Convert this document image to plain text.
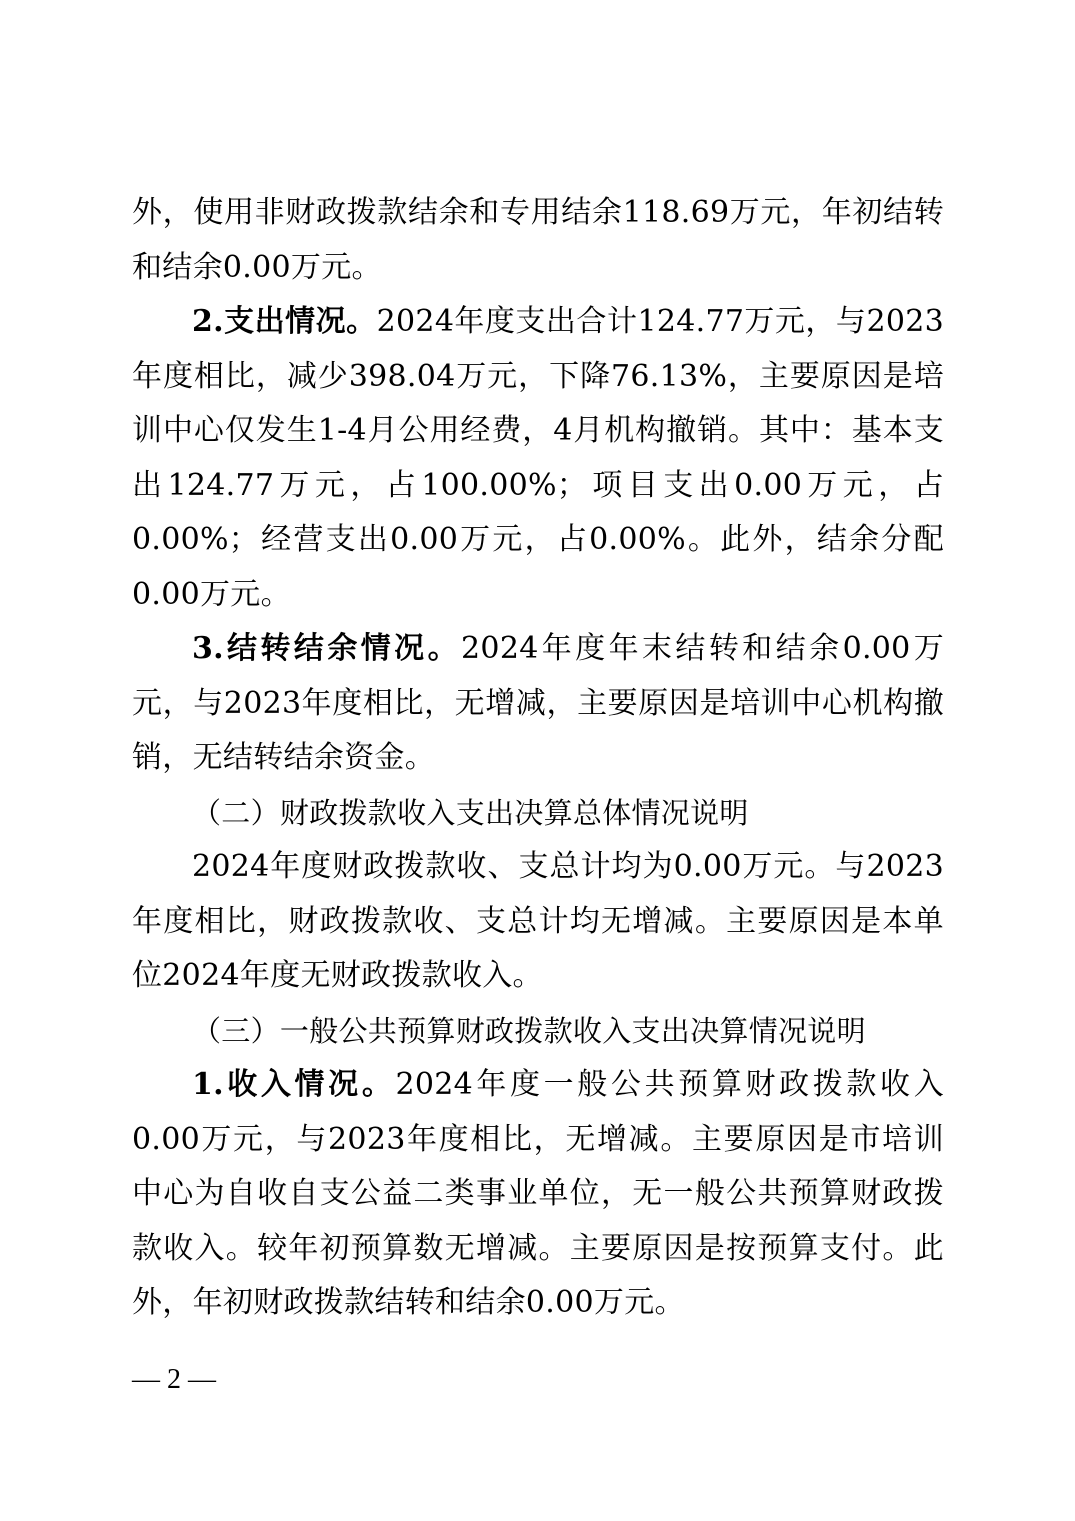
外，使用非财政拨款结余和专用结余118.69万元，年初结转和结余0.00万元。

2.支出情况。2024年度支出合计124.77万元，与2023年度相比，减少398.04万元，下降76.13%，主要原因是培训中心仅发生1-4月公用经费，4月机构撤销。其中：基本支出124.77万元，占100.00%；项目支出0.00万元，占0.00%；经营支出0.00万元，占0.00%。此外，结余分配0.00万元。

3.结转结余情况。2024年度年末结转和结余0.00万元，与2023年度相比，无增减，主要原因是培训中心机构撤销，无结转结余资金。

（二）财政拨款收入支出决算总体情况说明

2024年度财政拨款收、支总计均为0.00万元。与2023年度相比，财政拨款收、支总计均无增减。主要原因是本单位2024年度无财政拨款收入。

（三）一般公共预算财政拨款收入支出决算情况说明

1.收入情况。2024年度一般公共预算财政拨款收入0.00万元，与2023年度相比，无增减。主要原因是市培训中心为自收自支公益二类事业单位，无一般公共预算财政拨款收入。较年初预算数无增减。主要原因是按预算支付。此外，年初财政拨款结转和结余0.00万元。

— 2 —
